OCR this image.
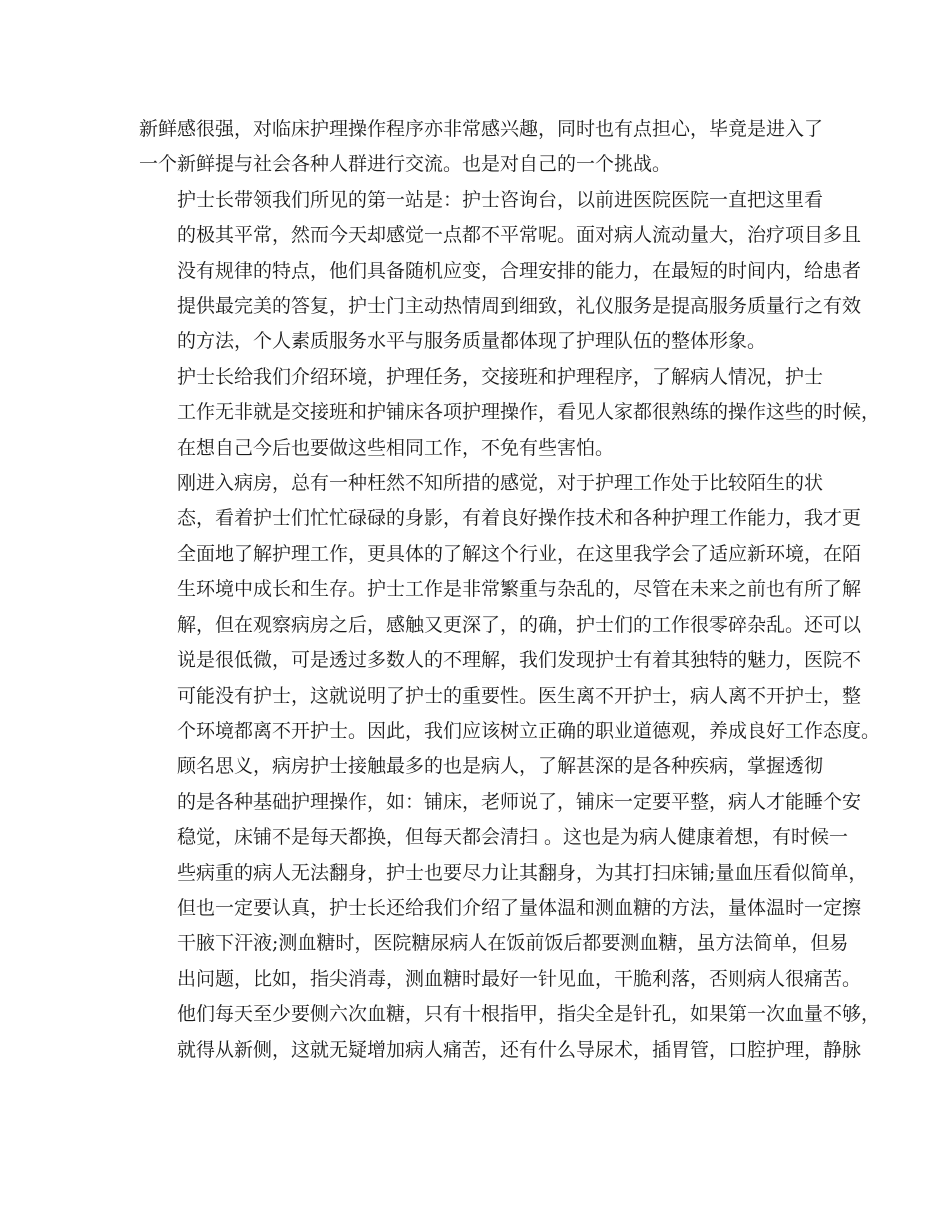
新鲜感很强，对临床护理操作程序亦非常感兴趣，同时也有点担心，毕竟是进入了
一个新鲜提与社会各种人群进行交流。也是对自己的一个挑战。
护士长带领我们所见的第一站是：护士咨询台，以前进医院医院一直把这里看
的极其平常，然而今天却感觉一点都不平常呢。面对病人流动量大，治疗项目多且
没有规律的特点，他们具备随机应变，合理安排的能力，在最短的时间内，给患者
提供最完美的答复，护士门主动热情周到细致，礼仪服务是提高服务质量行之有效
的方法，个人素质服务水平与服务质量都体现了护理队伍的整体形象。
护士长给我们介绍环境，护理任务，交接班和护理程序，了解病人情况，护士
工作无非就是交接班和护铺床各项护理操作，看见人家都很熟练的操作这些的时候，
在想自己今后也要做这些相同工作，不免有些害怕。
刚进入病房，总有一种枉然不知所措的感觉，对于护理工作处于比较陌生的状
态，看着护士们忙忙碌碌的身影，有着良好操作技术和各种护理工作能力，我才更
全面地了解护理工作，更具体的了解这个行业，在这里我学会了适应新环境，在陌
生环境中成长和生存。护士工作是非常繁重与杂乱的，尽管在未来之前也有所了解
解，但在观察病房之后，感触又更深了，的确，护士们的工作很零碎杂乱。还可以
说是很低微，可是透过多数人的不理解，我们发现护士有着其独特的魅力，医院不
可能没有护士，这就说明了护士的重要性。医生离不开护士，病人离不开护士，整
个环境都离不开护士。因此，我们应该树立正确的职业道德观，养成良好工作态度。
顾名思义，病房护士接触最多的也是病人，了解甚深的是各种疾病，掌握透彻
的是各种基础护理操作，如：铺床，老师说了，铺床一定要平整，病人才能睡个安
稳觉，床铺不是每天都换，但每天都会清扫 。这也是为病人健康着想，有时候一
些病重的病人无法翻身，护士也要尽力让其翻身，为其打扫床铺;量血压看似简单，
但也一定要认真，护士长还给我们介绍了量体温和测血糖的方法，量体温时一定擦
干腋下汗液;测血糖时，医院糖尿病人在饭前饭后都要测血糖，虽方法简单，但易
出问题，比如，指尖消毒，测血糖时最好一针见血，干脆利落，否则病人很痛苦。
他们每天至少要侧六次血糖，只有十根指甲，指尖全是针孔，如果第一次血量不够，
就得从新侧，这就无疑增加病人痛苦，还有什么导尿术，插胃管，口腔护理，静脉
